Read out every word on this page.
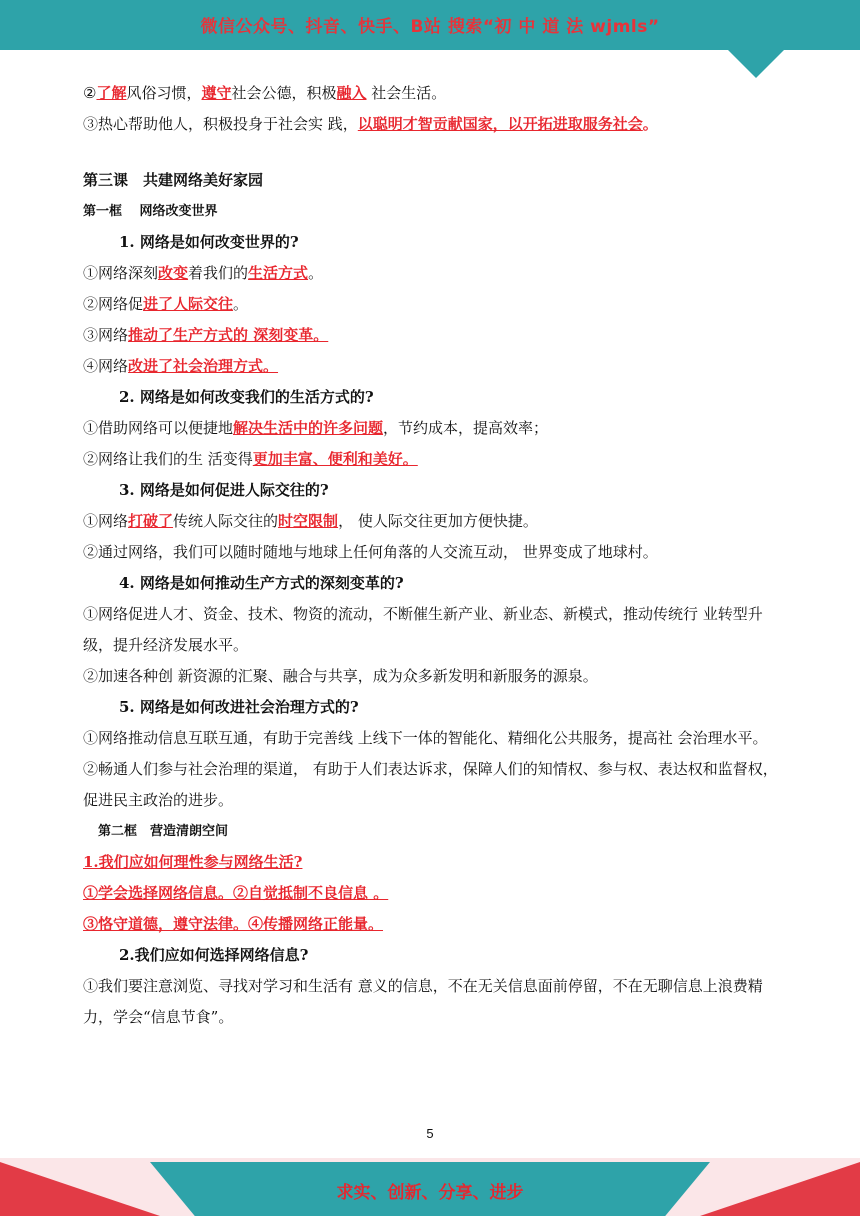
微信公众号、抖音、快手、B站 搜索“初 中 道 法 wjmls”
②了解风俗习惯，遵守社会公德，积极融入 社会生活。
③热心帮助他人，积极投身于社会实 践，以聪明才智贡献国家，以开拓进取服务社会。
第三课　共建网络美好家园
第一框　 网络改变世界
1. 网络是如何改变世界的?
①网络深刻改变着我们的生活方式。
②网络促进了人际交往。
③网络推动了生产方式的 深刻变革。
④网络改进了社会治理方式。
2. 网络是如何改变我们的生活方式的?
①借助网络可以便捷地解决生活中的许多问题，节约成本，提高效率；
②网络让我们的生 活变得更加丰富、便利和美好。
3. 网络是如何促进人际交往的?
①网络打破了传统人际交往的时空限制， 使人际交往更加方便快捷。
②通过网络，我们可以随时随地与地球上任何角落的人交流互动， 世界变成了地球村。
4. 网络是如何推动生产方式的深刻变革的?
①网络促进人才、资金、技术、物资的流动，不断催生新产业、新业态、新模式，推动传统行 业转型升级，提升经济发展水平。
②加速各种创 新资源的汇聚、融合与共享，成为众多新发明和新服务的源泉。
5. 网络是如何改进社会治理方式的?
①网络推动信息互联互通，有助于完善线 上线下一体的智能化、精细化公共服务，提高社 会治理水平。
②畅通人们参与社会治理的渠道， 有助于人们表达诉求，保障人们的知情权、参与权、表达权和监督权，促进民主政治的进步。
第二框　营造清朗空间
1.我们应如何理性参与网络生活?
①学会选择网络信息。②自觉抵制不良信息 。
③恪守道德，遵守法律。④传播网络正能量。
2.我们应如何选择网络信息?
①我们要注意浏览、寻找对学习和生活有 意义的信息，不在无关信息面前停留，不在无聊信息上浪费精力，学会“信息节食”。
5
求实、创新、分享、进步
